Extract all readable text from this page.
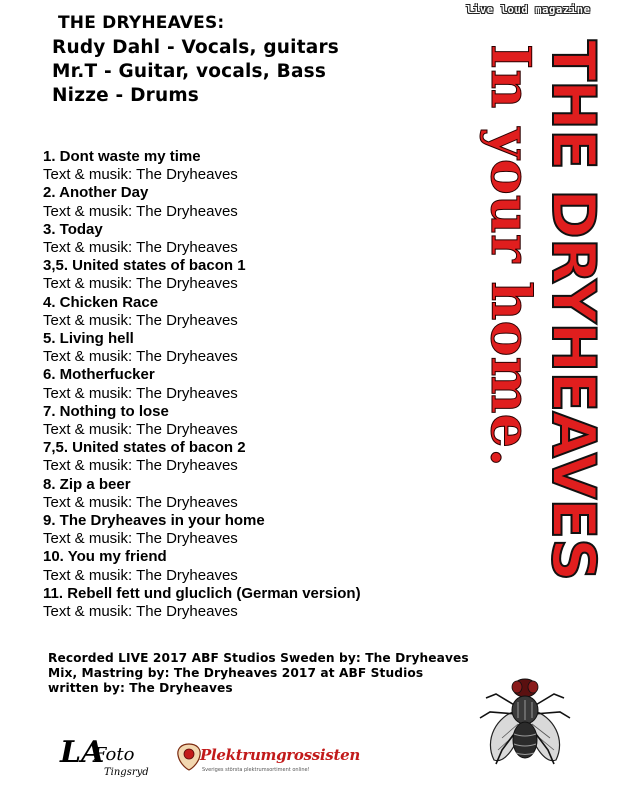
THE DRYHEAVES:
Rudy Dahl - Vocals, guitars
Mr.T - Guitar, vocals, Bass
Nizze - Drums
live loud magazine
THE DRYHEAVES
In your home.
1. Dont waste my time
Text & musik: The Dryheaves
2. Another Day
Text & musik: The Dryheaves
3. Today
Text & musik: The Dryheaves
3,5. United states of bacon 1
Text & musik: The Dryheaves
4. Chicken Race
Text & musik: The Dryheaves
5. Living hell
Text & musik: The Dryheaves
6. Motherfucker
Text & musik: The Dryheaves
7. Nothing to lose
Text & musik: The Dryheaves
7,5. United states of bacon 2
Text & musik: The Dryheaves
8. Zip a beer
Text & musik: The Dryheaves
9. The Dryheaves in your home
Text & musik: The Dryheaves
10. You my friend
Text & musik: The Dryheaves
11. Rebell fett und gluclich (German version)
Text & musik: The Dryheaves
Recorded LIVE 2017 ABF Studios Sweden by: The Dryheaves
Mix, Mastring by: The Dryheaves 2017 at ABF Studios
written by: The Dryheaves
LA
Foto
Tingsryd
Plektrumgrossisten
Sveriges största plektrumsortiment online!
